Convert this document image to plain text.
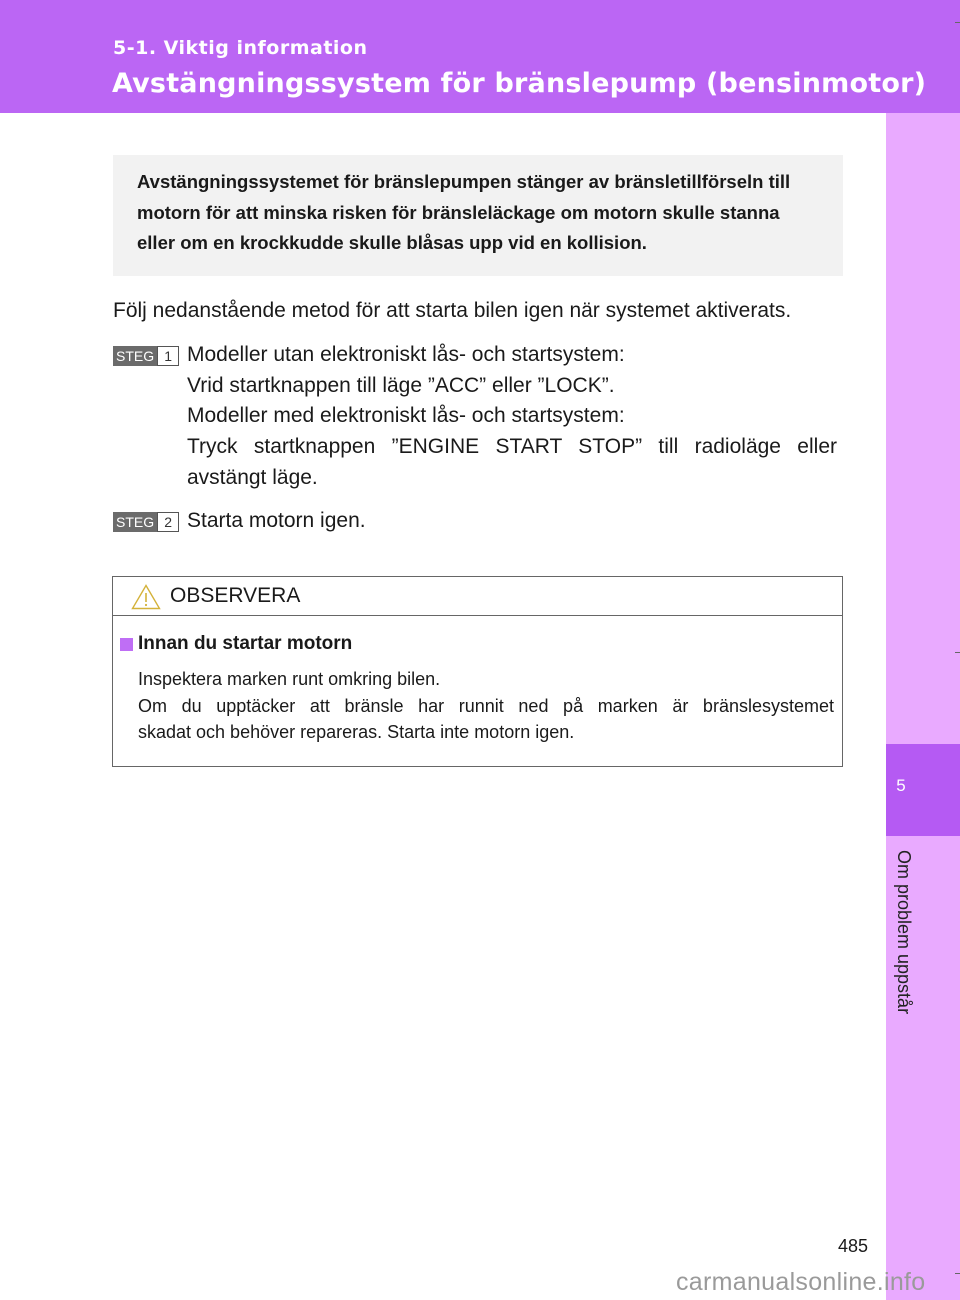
5-1. Viktig information
Avstängningssystem för bränslepump (bensinmotor)
5
Om problem uppstår

Avstängningssystemet för bränslepumpen stänger av bränsletillförseln till motorn för att minska risken för bränsleläckage om motorn skulle stanna eller om en krockkudde skulle blåsas upp vid en kollision.

Följ nedanstående metod för att starta bilen igen när systemet aktiverats.

STEG 1 Modeller utan elektroniskt lås- och startsystem:

Vrid startknappen till läge ”ACC” eller ”LOCK”.

Modeller med elektroniskt lås- och startsystem:

Tryck startknappen ”ENGINE START STOP” till radioläge eller

avstängt läge.

STEG 2 Starta motorn igen.

OBSERVERA
Innan du startar motorn

Inspektera marken runt omkring bilen.
Om du upptäcker att bränsle har runnit ned på marken är bränslesystemet
skadat och behöver repareras. Starta inte motorn igen.

485
carmanualsonline.info
